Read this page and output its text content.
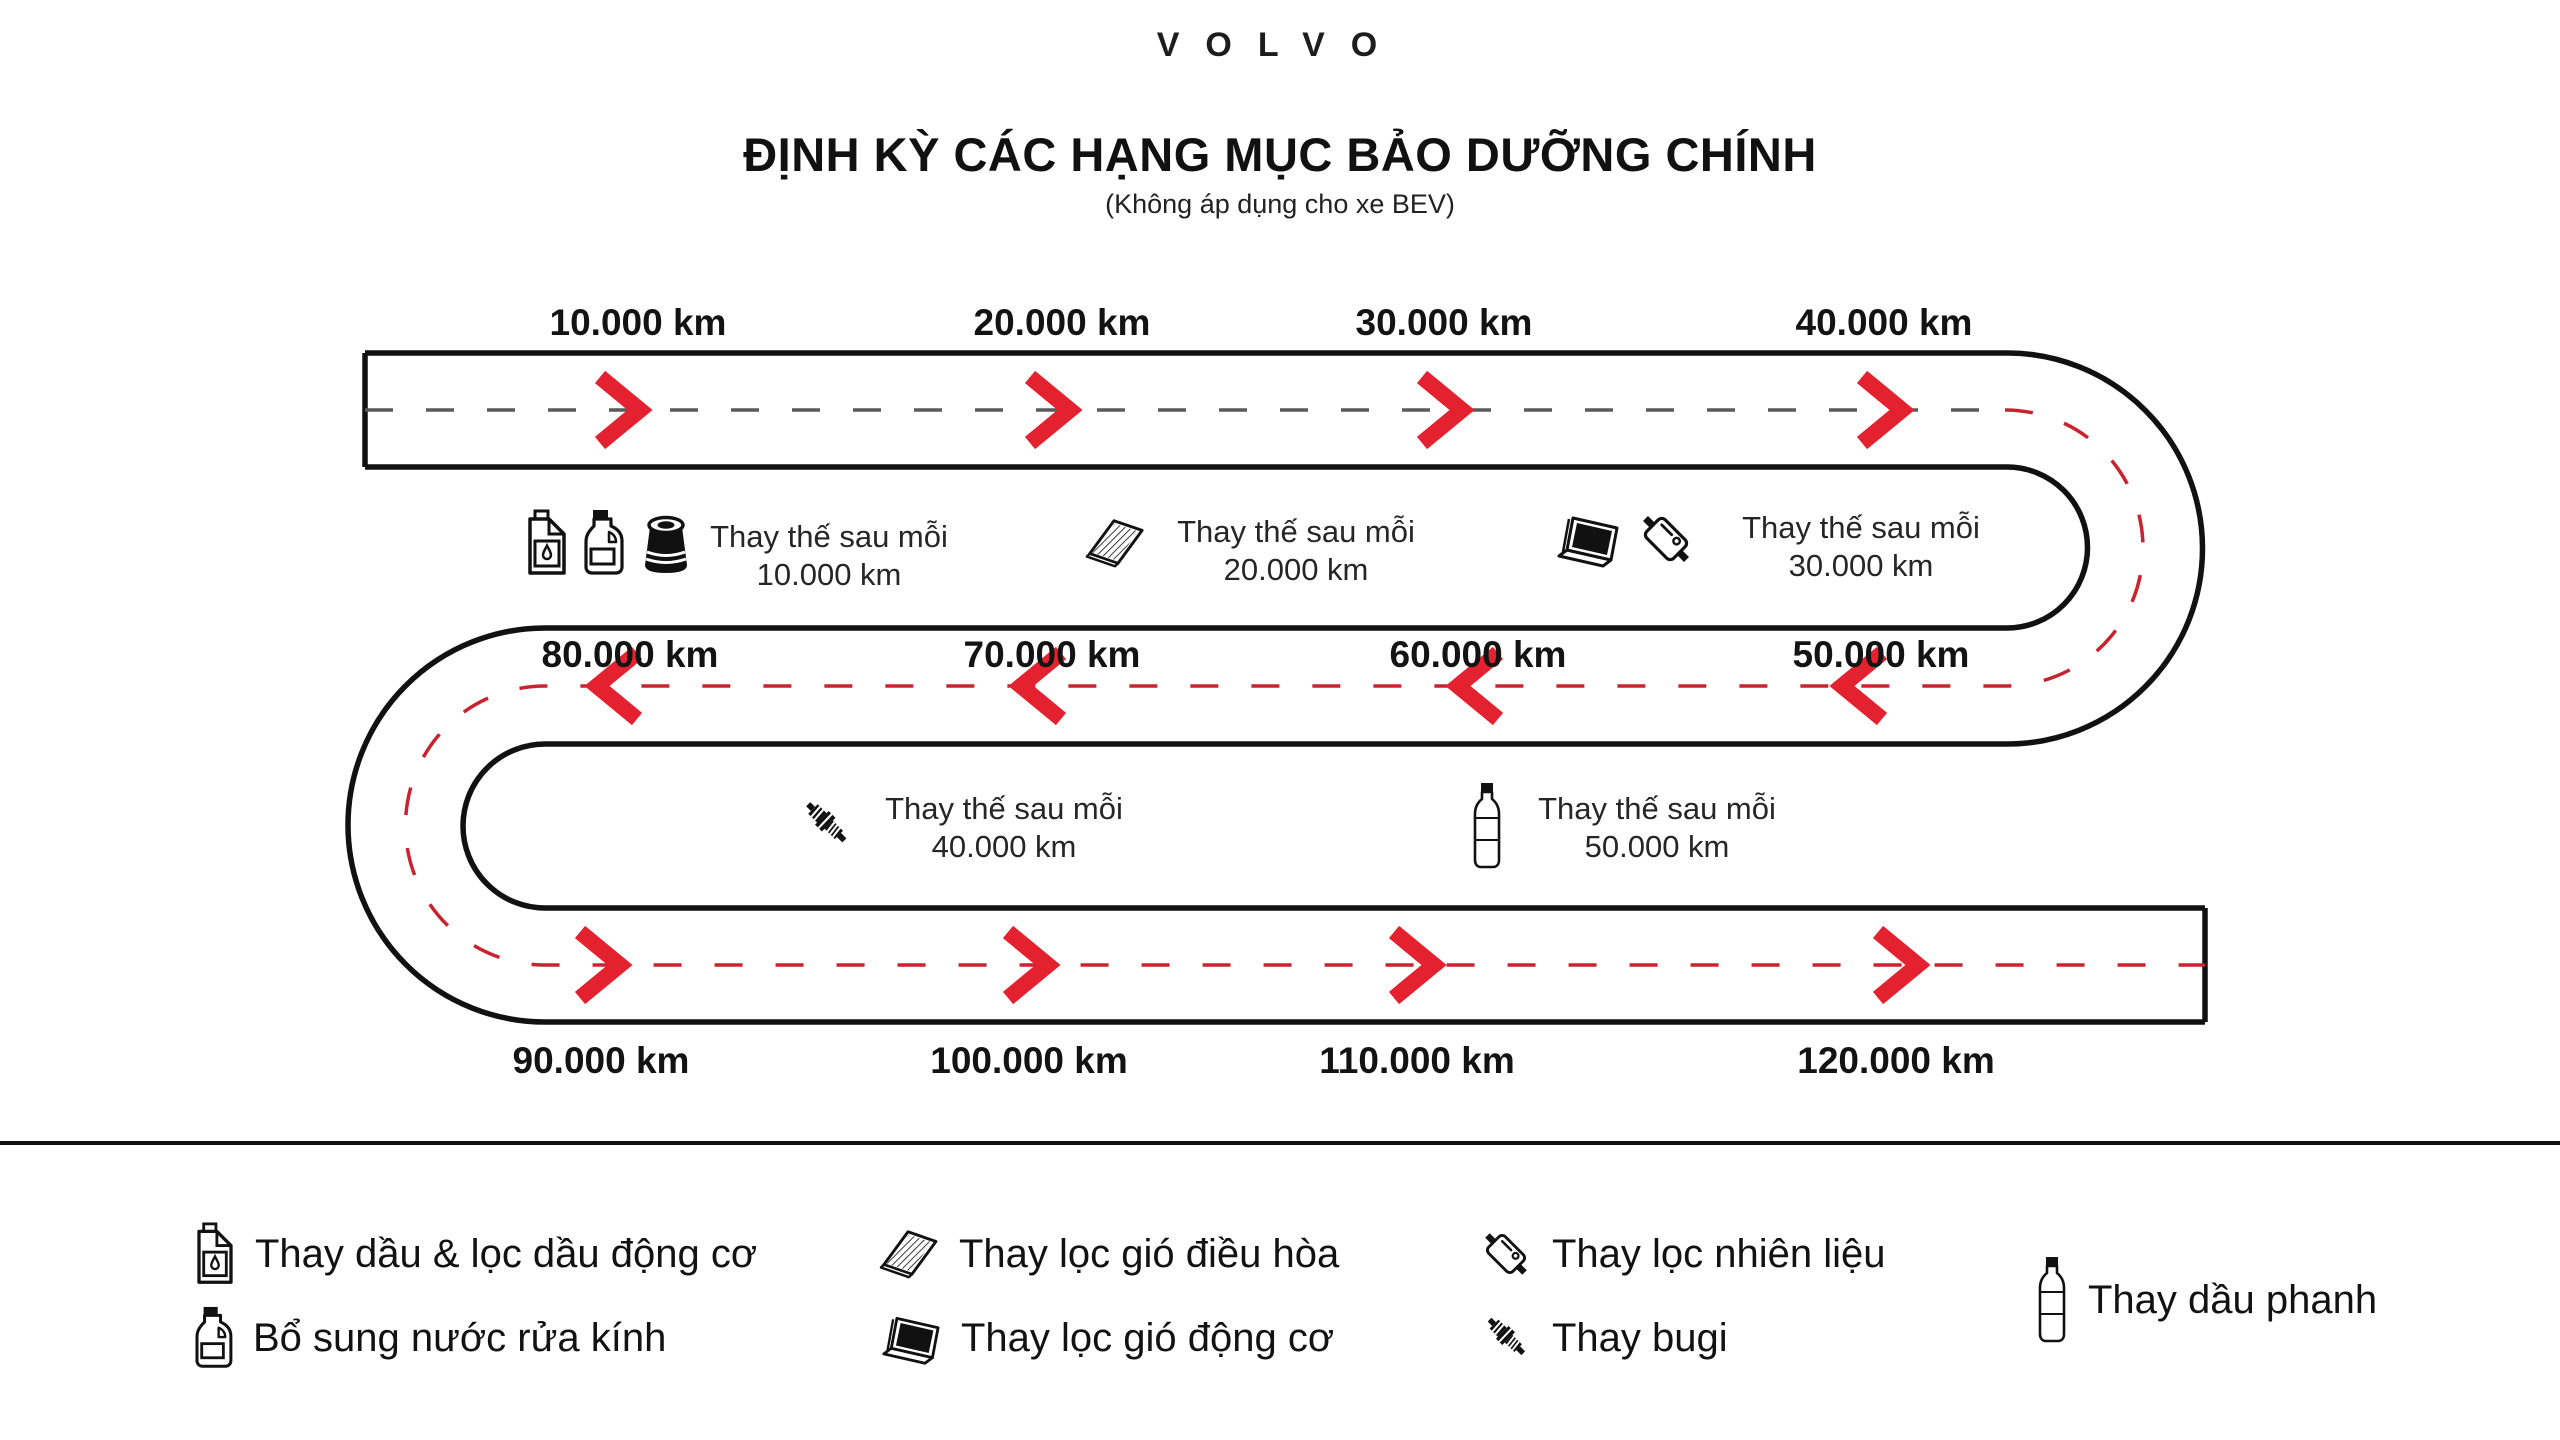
VOLVO
ĐỊNH KỲ CÁC HẠNG MỤC BẢO DƯỠNG CHÍNH
(Không áp dụng cho xe BEV)
10.000 km	20.000 km	30.000 km	40.000 km
80.000 km	70.000 km	60.000 km	50.000 km
90.000 km	100.000 km	110.000 km	120.000 km
Thay thế sau mỗi
10.000 km
Thay thế sau mỗi
20.000 km
Thay thế sau mỗi
30.000 km
Thay thế sau mỗi
40.000 km
Thay thế sau mỗi
50.000 km
Thay dầu & lọc dầu động cơ
Bổ sung nước rửa kính
Thay lọc gió điều hòa
Thay lọc gió động cơ
Thay lọc nhiên liệu
Thay bugi
Thay dầu phanh
